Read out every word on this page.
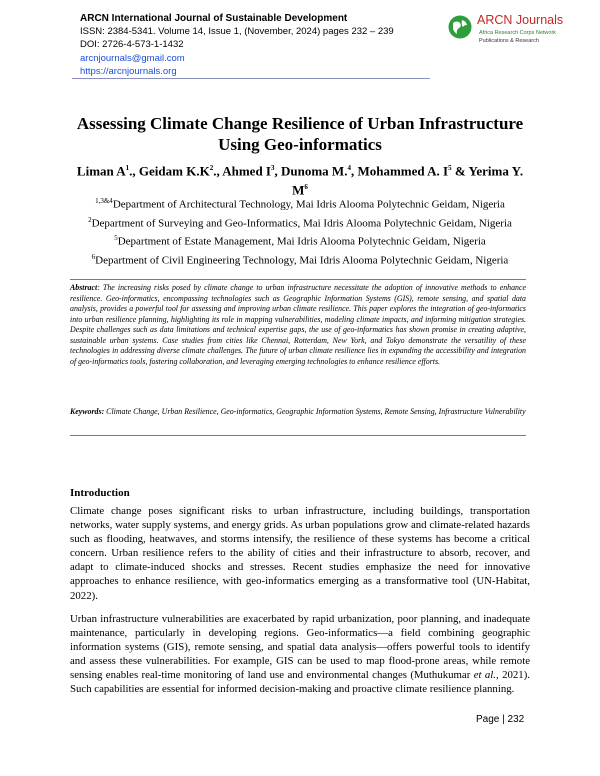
ARCN International Journal of Sustainable Development
ISSN: 2384-5341. Volume 14, Issue 1, (November, 2024) pages 232 – 239
DOI: 2726-4-573-1-1432
arcnjournals@gmail.com
https://arcnjournals.org
ARCN Journals
Africa Research Corps Network
Publications & Research
Assessing Climate Change Resilience of Urban Infrastructure Using Geo-informatics
Liman $A^1$., Geidam $K.K^2$., Ahmed $I^3$, Dunoma M.$^4$, Mohammed A. $I^5$ & Yerima Y. $M^6$
$^{1,3\&4}$Department of Architectural Technology, Mai Idris Alooma Polytechnic Geidam, Nigeria
$^2$Department of Surveying and Geo-Informatics, Mai Idris Alooma Polytechnic Geidam, Nigeria
$^5$Department of Estate Management, Mai Idris Alooma Polytechnic Geidam, Nigeria
$^6$Department of Civil Engineering Technology, Mai Idris Alooma Polytechnic Geidam, Nigeria
Abstract: The increasing risks posed by climate change to urban infrastructure necessitate the adoption of innovative methods to enhance resilience. Geo-informatics, encompassing technologies such as Geographic Information Systems (GIS), remote sensing, and spatial data analysis, provides a powerful tool for assessing and improving urban climate resilience. This paper explores the integration of geo-informatics into urban resilience planning, highlighting its role in mapping vulnerabilities, modeling climate impacts, and informing mitigation strategies. Despite challenges such as data limitations and technical expertise gaps, the use of geo-informatics has shown promise in creating adaptive, sustainable urban systems. Case studies from cities like Chennai, Rotterdam, New York, and Tokyo demonstrate the versatility of these technologies in addressing diverse climate challenges. The future of urban climate resilience lies in expanding the accessibility and integration of geo-informatics tools, fostering collaboration, and leveraging emerging technologies to enhance resilience efforts.
Keywords: Climate Change, Urban Resilience, Geo-informatics, Geographic Information Systems, Remote Sensing, Infrastructure Vulnerability
Introduction
Climate change poses significant risks to urban infrastructure, including buildings, transportation networks, water supply systems, and energy grids. As urban populations grow and climate-related hazards such as flooding, heatwaves, and storms intensify, the resilience of these systems has become a critical concern. Urban resilience refers to the ability of cities and their infrastructure to absorb, recover, and adapt to climate-induced shocks and stresses. Recent studies emphasize the need for innovative approaches to enhance resilience, with geo-informatics emerging as a transformative tool (UN-Habitat, 2022).
Urban infrastructure vulnerabilities are exacerbated by rapid urbanization, poor planning, and inadequate maintenance, particularly in developing regions. Geo-informatics—a field combining geographic information systems (GIS), remote sensing, and spatial data analysis—offers powerful tools to identify and assess these vulnerabilities. For example, GIS can be used to map flood-prone areas, while remote sensing enables real-time monitoring of land use and environmental changes (Muthukumar et al., 2021). Such capabilities are essential for informed decision-making and proactive climate resilience planning.
Page | 232
